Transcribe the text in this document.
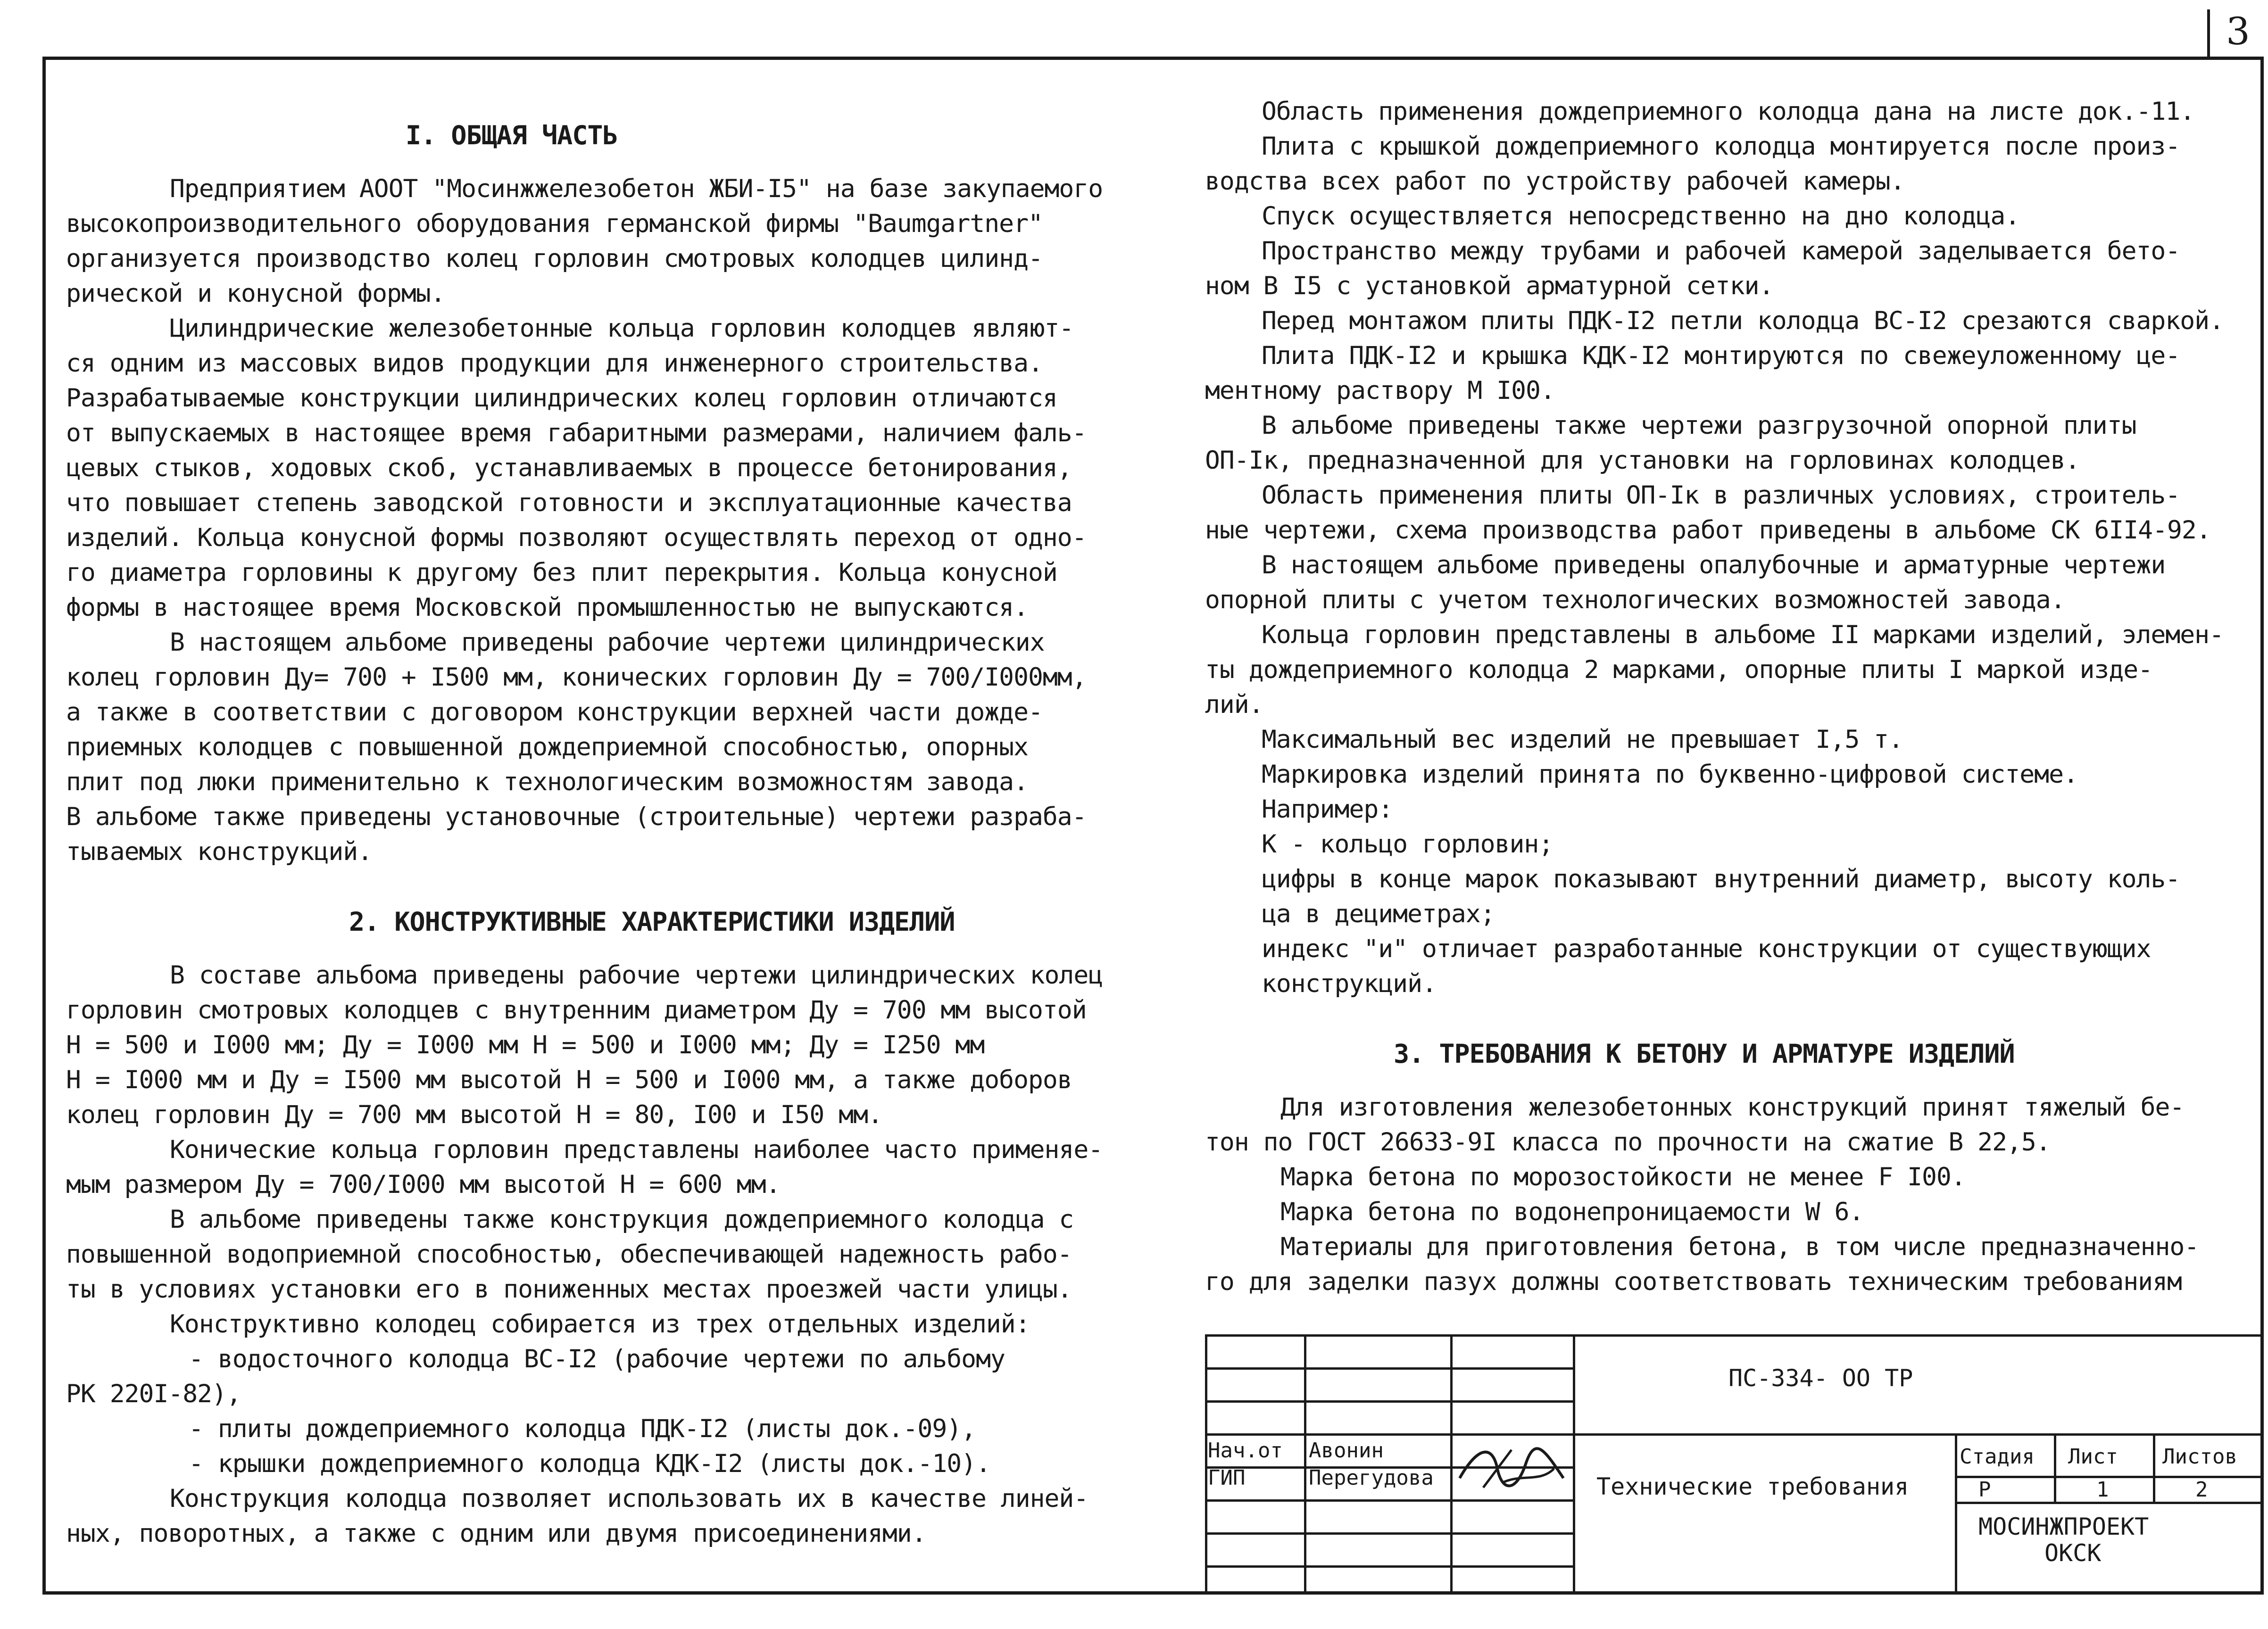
3
I. ОБЩАЯ ЧАСТЬ
Предприятием АООТ "Мосинжжелезобетон ЖБИ-I5" на базе закупаемого
высокопроизводительного оборудования германской фирмы "Baumgartner"
организуется производство колец горловин смотровых колодцев цилинд-
рической и конусной формы.
Цилиндрические железобетонные кольца горловин колодцев являют-
ся одним из массовых видов продукции для инженерного строительства.
Разрабатываемые конструкции цилиндрических колец горловин отличаются
от выпускаемых в настоящее время габаритными размерами, наличием фаль-
цевых стыков, ходовых скоб, устанавливаемых в процессе бетонирования,
что повышает степень заводской готовности и эксплуатационные качества
изделий. Кольца конусной формы позволяют осуществлять переход от одно-
го диаметра горловины к другому без плит перекрытия. Кольца конусной
формы в настоящее время Московской промышленностью не выпускаются.
В настоящем альбоме приведены рабочие чертежи цилиндрических
колец горловин Ду= 700 + I500 мм, конических горловин Ду = 700/I000мм,
а также в соответствии с договором конструкции верхней части дожде-
приемных колодцев с повышенной дождеприемной способностью, опорных
плит под люки применительно к технологическим возможностям завода.
В альбоме также приведены установочные (строительные) чертежи разраба-
тываемых конструкций.
2. КОНСТРУКТИВНЫЕ ХАРАКТЕРИСТИКИ ИЗДЕЛИЙ
В составе альбома приведены рабочие чертежи цилиндрических колец
горловин смотровых колодцев с внутренним диаметром Ду = 700 мм высотой
Н = 500 и I000 мм; Ду = I000 мм Н = 500 и I000 мм; Ду = I250 мм
Н = I000 мм и Ду = I500 мм высотой Н = 500 и I000 мм, а также доборов
колец горловин Ду = 700 мм высотой Н = 80, I00 и I50 мм.
Конические кольца горловин представлены наиболее часто применяе-
мым размером Ду = 700/I000 мм высотой Н = 600 мм.
В альбоме приведены также конструкция дождеприемного колодца с
повышенной водоприемной способностью, обеспечивающей надежность рабо-
ты в условиях установки его в пониженных местах проезжей части улицы.
Конструктивно колодец собирается из трех отдельных изделий:
- водосточного колодца ВС-I2 (рабочие чертежи по альбому
РК 220I-82),
- плиты дождеприемного колодца ПДК-I2 (листы док.-09),
- крышки дождеприемного колодца КДК-I2 (листы док.-10).
Конструкция колодца позволяет использовать их в качестве линей-
ных, поворотных, а также с одним или двумя присоединениями.
Область применения дождеприемного колодца дана на листе док.-11.
Плита с крышкой дождеприемного колодца монтируется после произ-
водства всех работ по устройству рабочей камеры.
Спуск осуществляется непосредственно на дно колодца.
Пространство между трубами и рабочей камерой заделывается бето-
ном В I5 с установкой арматурной сетки.
Перед монтажом плиты ПДК-I2 петли колодца ВС-I2 срезаются сваркой.
Плита ПДК-I2 и крышка КДК-I2 монтируются по свежеуложенному це-
ментному раствору М I00.
В альбоме приведены также чертежи разгрузочной опорной плиты
ОП-Iк, предназначенной для установки на горловинах колодцев.
Область применения плиты ОП-Iк в различных условиях, строитель-
ные чертежи, схема производства работ приведены в альбоме СК 6II4-92.
В настоящем альбоме приведены опалубочные и арматурные чертежи
опорной плиты с учетом технологических возможностей завода.
Кольца горловин представлены в альбоме II марками изделий, элемен-
ты дождеприемного колодца 2 марками, опорные плиты I маркой изде-
лий.
Максимальный вес изделий не превышает I,5 т.
Маркировка изделий принята по буквенно-цифровой системе.
Например:
К - кольцо горловин;
цифры в конце марок показывают внутренний диаметр, высоту коль-
ца в дециметрах;
индекс "и" отличает разработанные конструкции от существующих
конструкций.
3. ТРЕБОВАНИЯ К БЕТОНУ И АРМАТУРЕ ИЗДЕЛИЙ
Для изготовления железобетонных конструкций принят тяжелый бе-
тон по ГОСТ 26633-9I класса по прочности на сжатие В 22,5.
Марка бетона по морозостойкости не менее F I00.
Марка бетона по водонепроницаемости W 6.
Материалы для приготовления бетона, в том числе предназначенно-
го для заделки пазух должны соответствовать техническим требованиям
ПС-334- ОО ТР
Технические требования
Нач.от Авонин
ГИП	Перегудова
Стадия Лист Листов
Р	1	2
МОСИНЖПРОЕКТ
ОКСК
